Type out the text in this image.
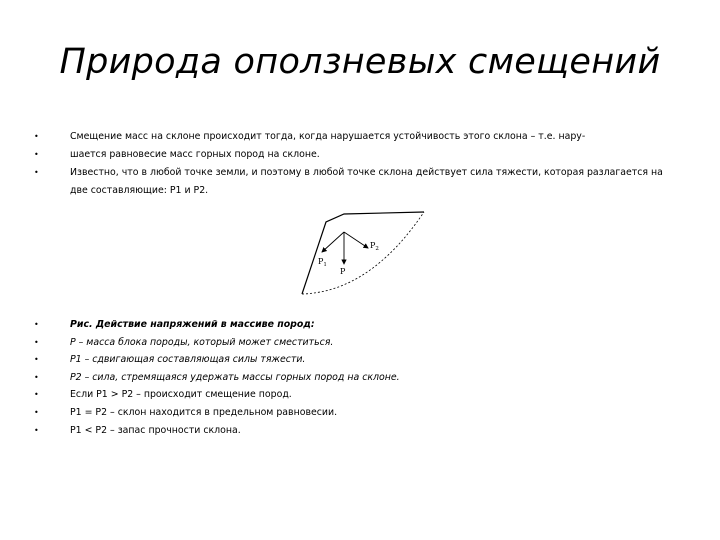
Природа оползневых смещений
•	Смещение масс на склоне происходит тогда, когда нарушается устойчивость этого склона – т.е. нару-
•	шается равновесие масс горных пород на склоне.
•	Известно, что в любой точке земли, и поэтому в любой точке склона действует сила тяжести, которая разлагается на две составляющие: Р1 и Р2.
$P_1$
$P_2$
P
•	Рис. Действие напряжений в массиве пород:
•	Р – масса блока породы, который может сместиться.
•	Р1 – сдвигающая составляющая силы тяжести.
•	Р2 – сила, стремящаяся удержать массы горных пород на склоне.
•	Если Р1 > Р2 – происходит смещение пород.
•	Р1 = Р2 – склон находится в предельном равновесии.
•	Р1 < Р2 – запас прочности склона.
